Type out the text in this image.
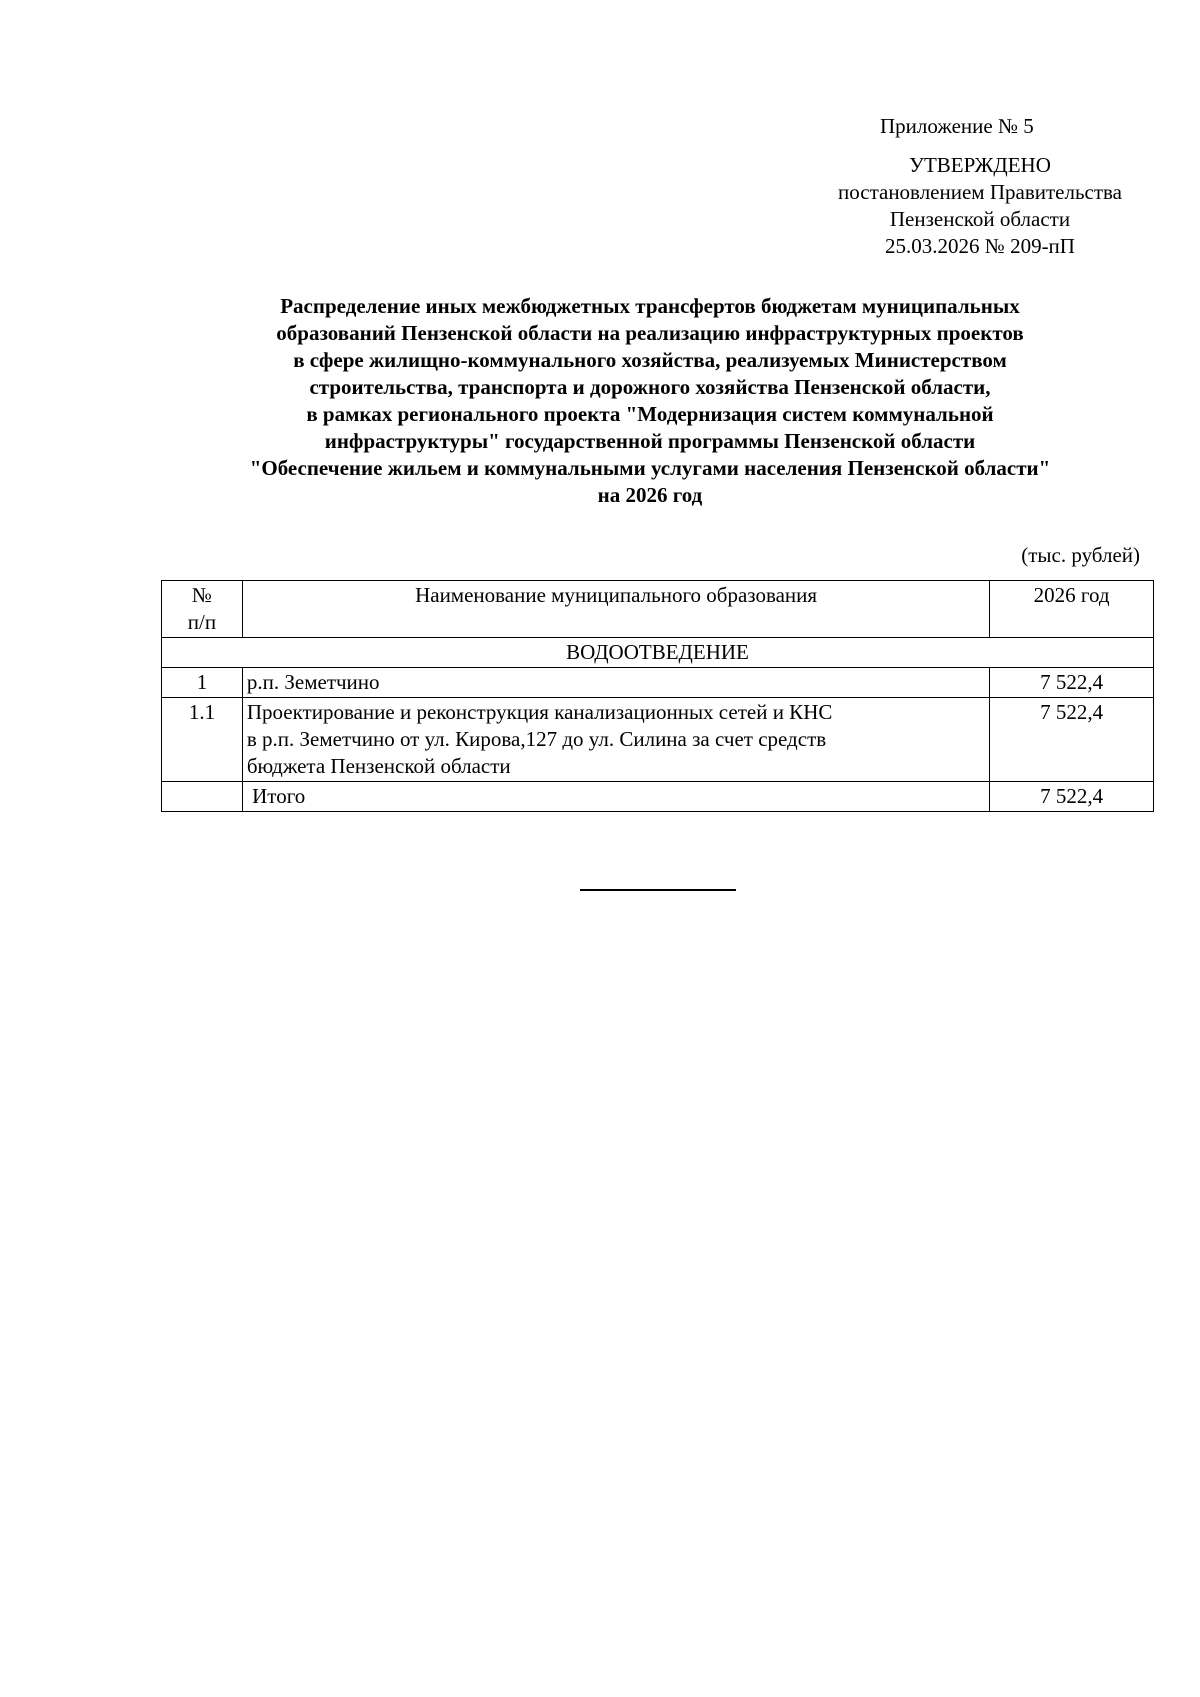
Приложение № 5
УТВЕРЖДЕНО
постановлением Правительства
Пензенской области
25.03.2026 № 209-пП
Распределение иных межбюджетных трансфертов бюджетам муниципальных
образований Пензенской области на реализацию инфраструктурных проектов
в сфере жилищно-коммунального хозяйства, реализуемых Министерством
строительства, транспорта и дорожного хозяйства Пензенской области,
в рамках регионального проекта "Модернизация систем коммунальной
инфраструктуры" государственной программы Пензенской области
"Обеспечение жильем и коммунальными услугами населения Пензенской области"
на 2026 год
(тыс. рублей)
№
п/п	Наименование муниципального образования	2026 год
ВОДООТВЕДЕНИЕ		
1	р.п. Земетчино	7 522,4
1.1	Проектирование и реконструкция канализационных сетей и КНС
в р.п. Земетчино от ул. Кирова,127 до ул. Силина за счет средств
бюджета Пензенской области	7 522,4
	Итого	7 522,4
